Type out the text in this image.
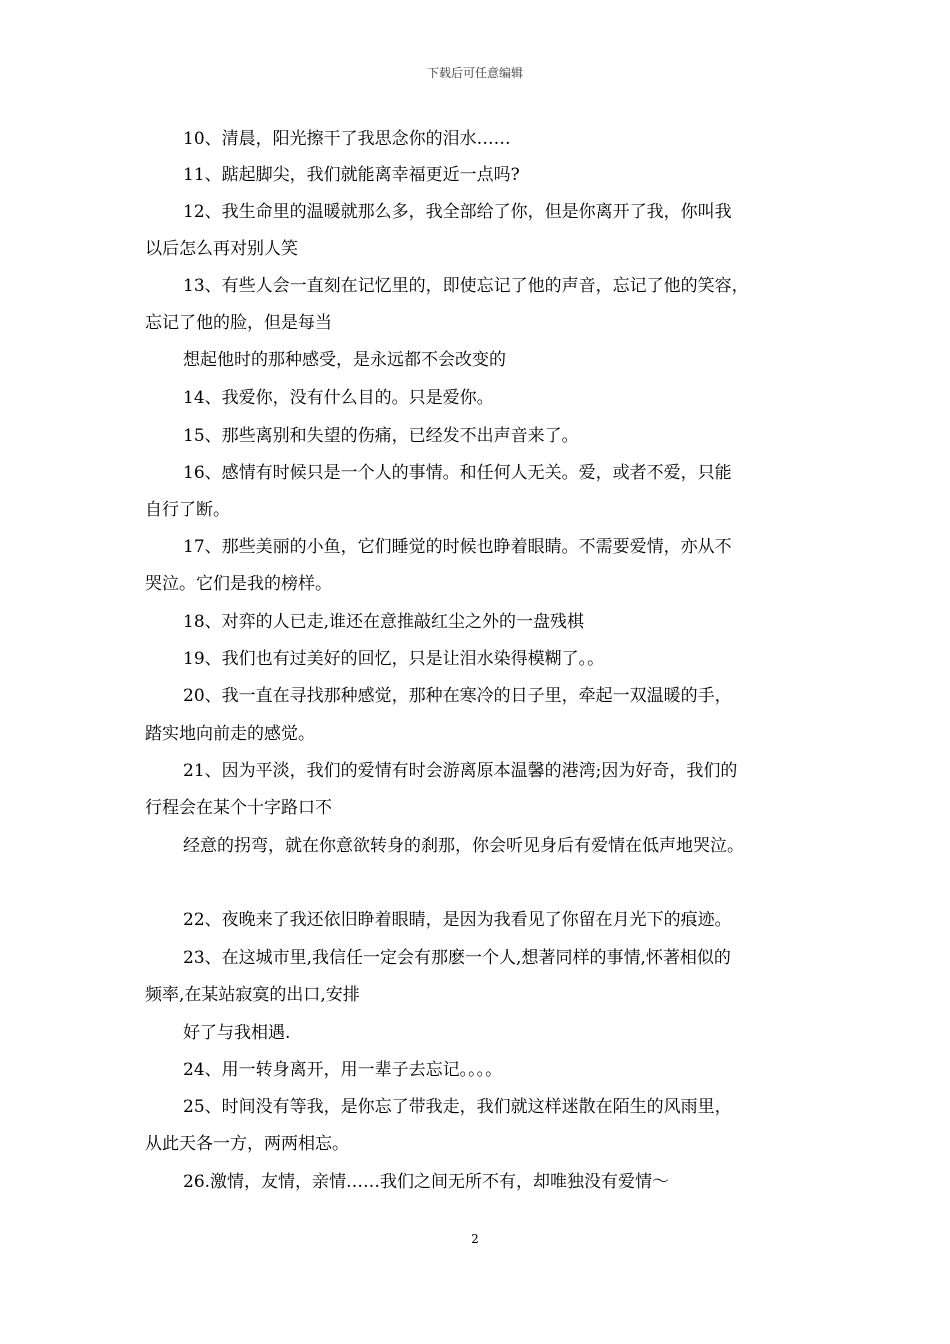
下载后可任意编辑

10、清晨，阳光擦干了我思念你的泪水……

11、踮起脚尖，我们就能离幸福更近一点吗?

12、我生命里的温暖就那么多，我全部给了你，但是你离开了我，你叫我

以后怎么再对别人笑

13、有些人会一直刻在记忆里的，即使忘记了他的声音，忘记了他的笑容，

忘记了他的脸，但是每当

想起他时的那种感受，是永远都不会改变的

14、我爱你，没有什么目的。只是爱你。

15、那些离别和失望的伤痛，已经发不出声音来了。

16、感情有时候只是一个人的事情。和任何人无关。爱，或者不爱，只能

自行了断。

17、那些美丽的小鱼，它们睡觉的时候也睁着眼睛。不需要爱情，亦从不

哭泣。它们是我的榜样。

18、对弈的人已走,谁还在意推敲红尘之外的一盘残棋

19、我们也有过美好的回忆，只是让泪水染得模糊了。。

20、我一直在寻找那种感觉，那种在寒冷的日子里，牵起一双温暖的手，

踏实地向前走的感觉。

21、因为平淡，我们的爱情有时会游离原本温馨的港湾;因为好奇，我们的

行程会在某个十字路口不

经意的拐弯，就在你意欲转身的刹那，你会听见身后有爱情在低声地哭泣。

22、夜晚来了我还依旧睁着眼睛，是因为我看见了你留在月光下的痕迹。

23、在这城市里,我信任一定会有那麽一个人,想著同样的事情,怀著相似的

频率,在某站寂寞的出口,安排

好了与我相遇.

24、用一转身离开，用一辈子去忘记。。。。

25、时间没有等我，是你忘了带我走，我们就这样迷散在陌生的风雨里，

从此天各一方，两两相忘。

26.激情，友情，亲情……我们之间无所不有，却唯独没有爱情～

2
